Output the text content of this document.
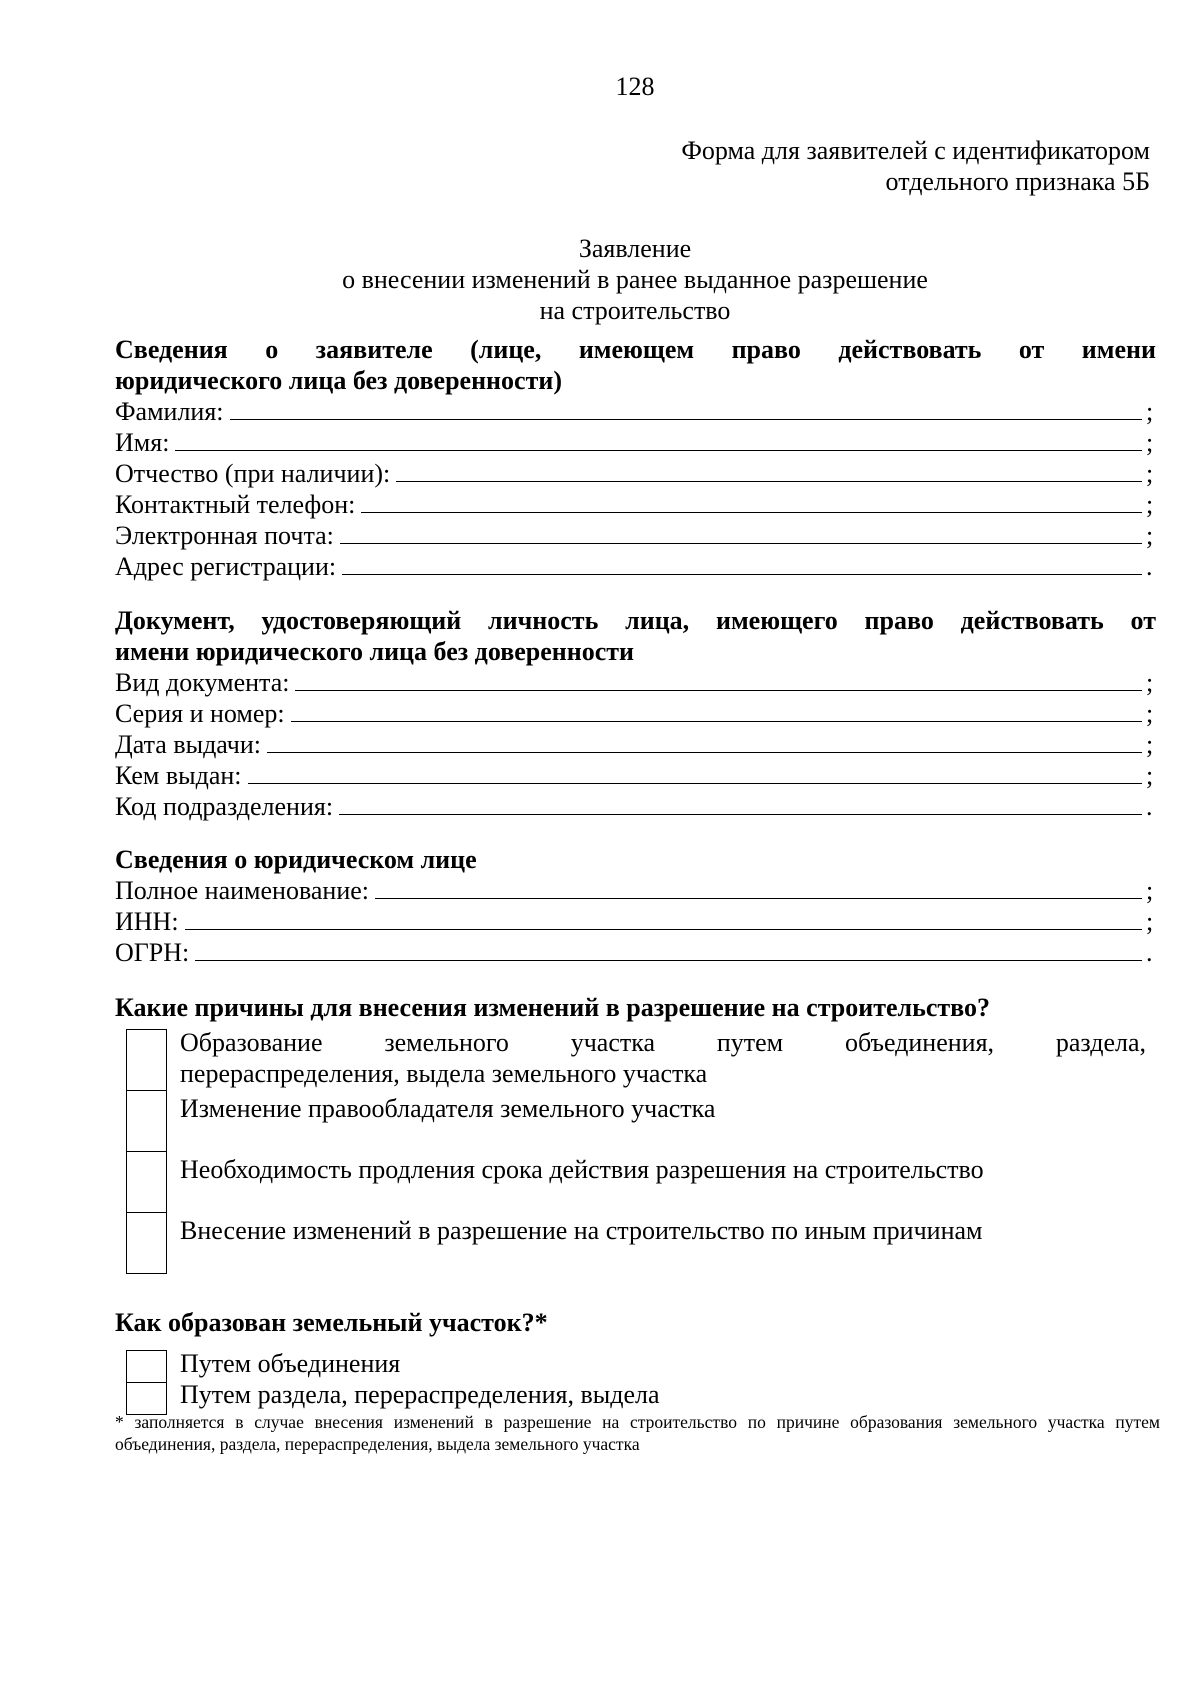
128
Форма для заявителей с идентификатором
отдельного признака 5Б
Заявление
о внесении изменений в ранее выданное разрешение
на строительство
Сведения о заявителе (лице, имеющем право действовать от имени
юридического лица без доверенности)
Фамилия:	;
Имя:	;
Отчество (при наличии):	;
Контактный телефон:	;
Электронная почта:	;
Адрес регистрации:	.
Документ, удостоверяющий личность лица, имеющего право действовать от
имени юридического лица без доверенности
Вид документа:	;
Серия и номер:	;
Дата выдачи:	;
Кем выдан:	;
Код подразделения:	.
Сведения о юридическом лице
Полное наименование:	;
ИНН:	;
ОГРН:	.
Какие причины для внесения изменений в разрешение на строительство?
Образование земельного участка путем объединения, раздела,
перераспределения, выдела земельного участка
Изменение правообладателя земельного участка
Необходимость продления срока действия разрешения на строительство
Внесение изменений в разрешение на строительство по иным причинам
Как образован земельный участок?*
Путем объединения
Путем раздела, перераспределения, выдела
* заполняется в случае внесения изменений в разрешение на строительство по причине образования земельного участка путем объединения, раздела, перераспределения, выдела земельного участка
